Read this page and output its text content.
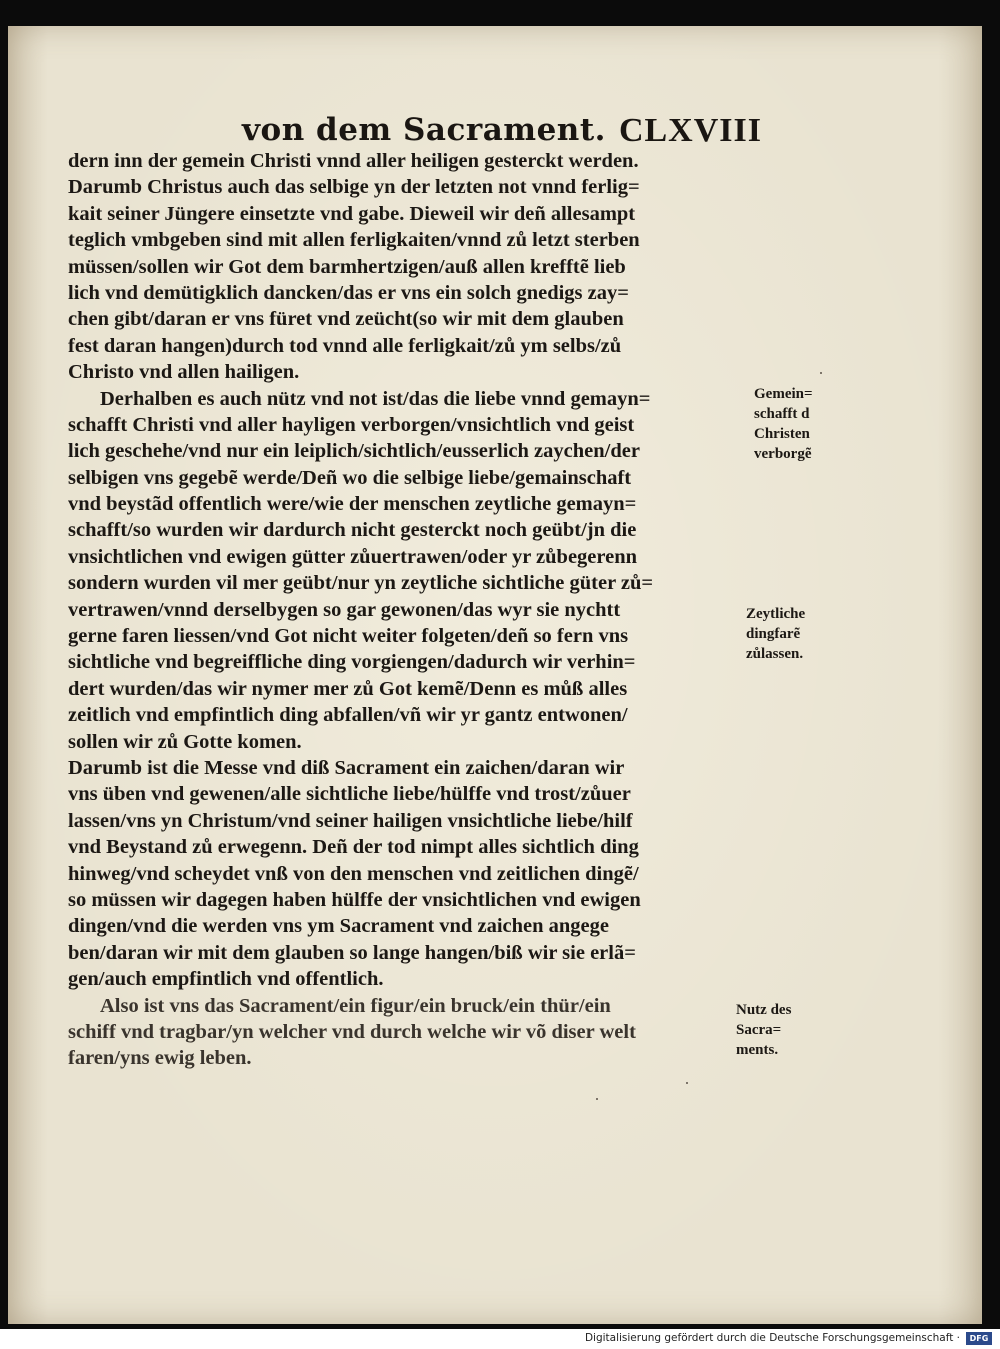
von dem Sacrament. CLXVIII
dern inn der gemein Christi vnnd aller heiligen gesterckt werden.
Darumb Christus auch das selbige yn der letzten not vnnd ferlig=
kait seiner Jüngere einsetzte vnd gabe. Dieweil wir deñ allesampt
teglich vmbgeben sind mit allen ferligkaiten/vnnd zů letzt sterben
müssen/sollen wir Got dem barmhertzigen/auß allen krefftẽ lieb
lich vnd demütigklich dancken/das er vns ein solch gnedigs zay=
chen gibt/daran er vns füret vnd zeücht(so wir mit dem glauben
fest daran hangen)durch tod vnnd alle ferligkait/zů ym selbs/zů
Christo vnd allen hailigen.
Derhalben es auch nütz vnd not ist/das die liebe vnnd gemayn=
schafft Christi vnd aller hayligen verborgen/vnsichtlich vnd geist
lich geschehe/vnd nur ein leiplich/sichtlich/eusserlich zaychen/der
selbigen vns gegebẽ werde/Deñ wo die selbige liebe/gemainschaft
vnd beystãd offentlich were/wie der menschen zeytliche gemayn=
schafft/so wurden wir dardurch nicht gesterckt noch geübt/jn die
vnsichtlichen vnd ewigen gütter zůuertrawen/oder yr zůbegerenn
sondern wurden vil mer geübt/nur yn zeytliche sichtliche güter zů=
vertrawen/vnnd derselbygen so gar gewonen/das wyr sie nychtt
gerne faren liessen/vnd Got nicht weiter folgeten/deñ so fern vns
sichtliche vnd begreiffliche ding vorgiengen/dadurch wir verhin=
dert wurden/das wir nymer mer zů Got kemẽ/Denn es můß alles
zeitlich vnd empfintlich ding abfallen/vñ wir yr gantz entwonen/
sollen wir zů Gotte komen.
Darumb ist die Messe vnd diß Sacrament ein zaichen/daran wir
vns üben vnd gewenen/alle sichtliche liebe/hülffe vnd trost/zůuer
lassen/vns yn Christum/vnd seiner hailigen vnsichtliche liebe/hilf
vnd Beystand zů erwegenn. Deñ der tod nimpt alles sichtlich ding
hinweg/vnd scheydet vnß von den menschen vnd zeitlichen dingẽ/
so müssen wir dagegen haben hülffe der vnsichtlichen vnd ewigen
dingen/vnd die werden vns ym Sacrament vnd zaichen angege
ben/daran wir mit dem glauben so lange hangen/biß wir sie erlã=
gen/auch empfintlich vnd offentlich.
Also ist vns das Sacrament/ein figur/ein bruck/ein thür/ein
schiff vnd tragbar/yn welcher vnd durch welche wir võ diser welt
faren/yns ewig leben.
Gemein=
schafft d
Christen
verborgẽ
Zeytliche
dingfarẽ
zůlassen.
Nutz des
Sacra=
ments.
Digitalisierung gefördert durch die Deutsche Forschungsgemeinschaft ·	DFG
